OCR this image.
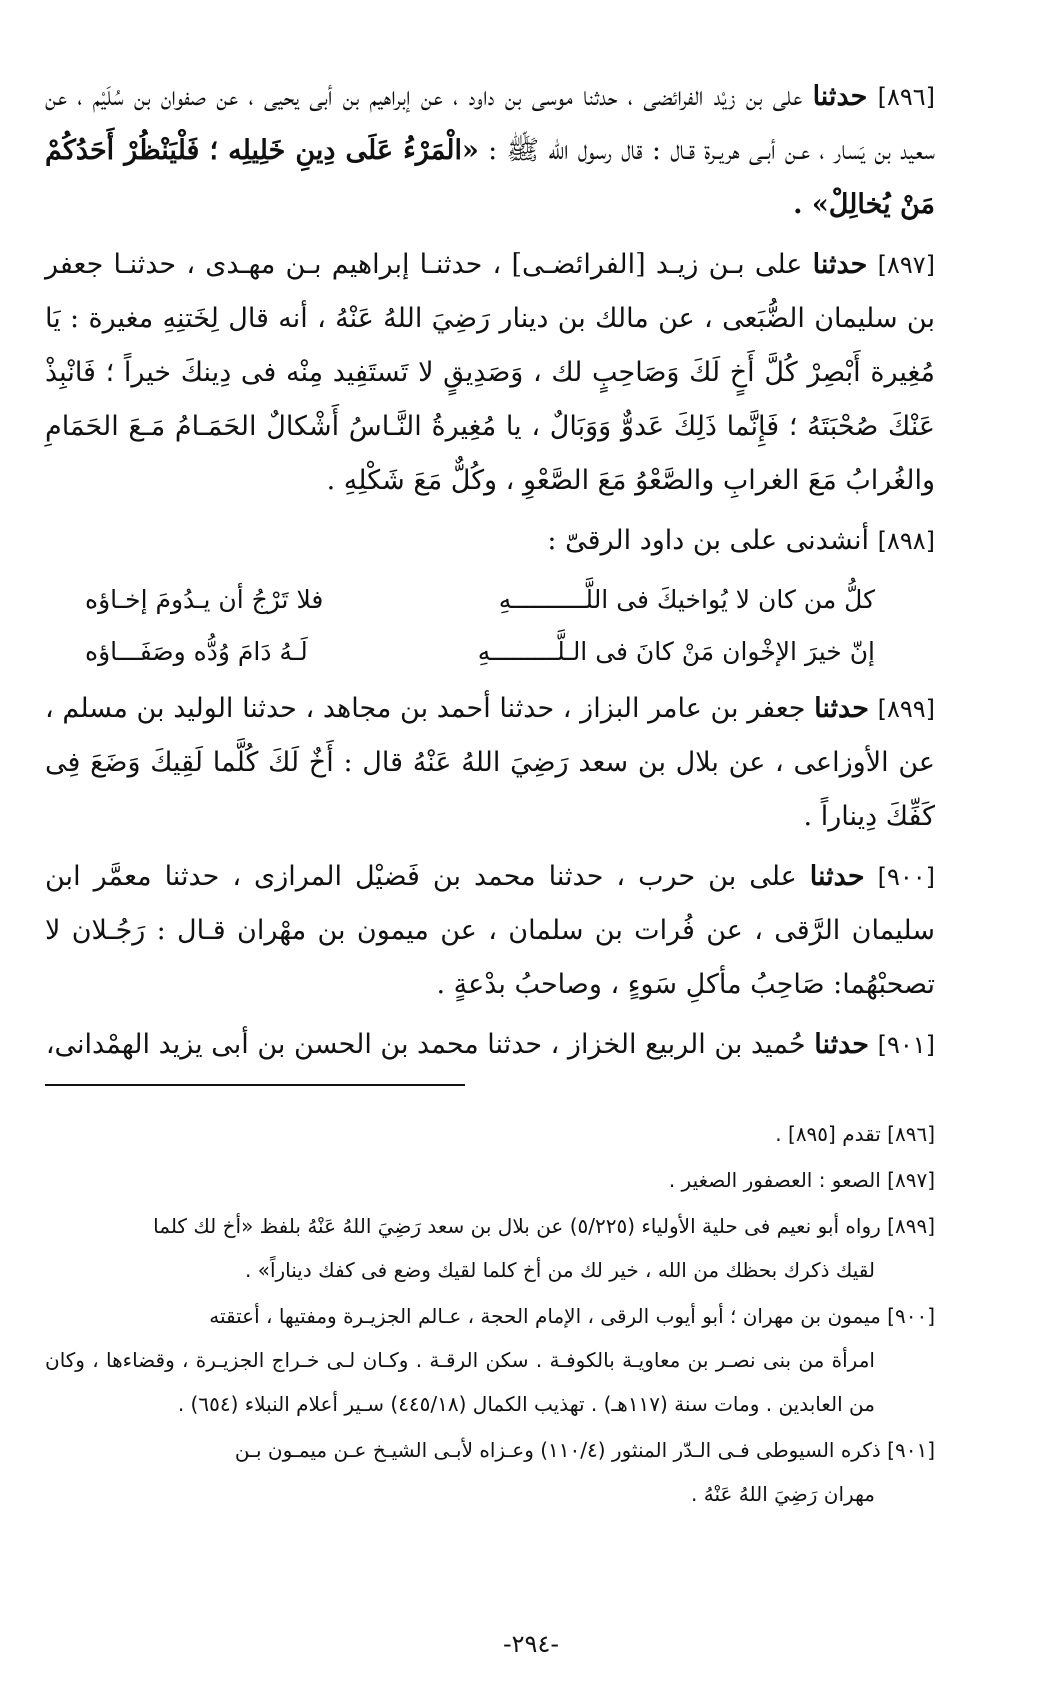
[٨٩٦] حدثنا على بن زيْد الفرائضى ، حدثنا موسى بن داود ، عن إبراهيم بن أبى يحيى ، عن صفوان بن سُلَيْم ، عن سعيد بن يَسار ، عـن أبـى هريـرة قـال : قال رسول الله ﷺ : «الْمَرْءُ عَلَى دِينِ خَلِيلِه ؛ فَلْيَنْظُرْ أَحَدُكُمْ مَنْ يُخالِلْ» .

[٨٩٧] حدثنا على بـن زيـد [الفرائضـى] ، حدثنـا إبراهيم بـن مهـدى ، حدثنـا جعفر بن سليمان الضُّبَعى ، عن مالك بن دينار رَضِيَ اللهُ عَنْهُ ، أنه قال لِخَتنِهِ مغيرة : يَا مُغِيرة أَبْصِرْ كُلَّ أَخٍ لَكَ وَصَاحِبٍ لك ، وَصَدِيقٍ لا تَستَفِيد مِنْه فى دِينكَ خيراً ؛ فَانْبِذْ عَنْكَ صُحْبَتَهُ ؛ فَإِنَّما ذَلِكَ عَدوٌّ وَوَبَالٌ ، يا مُغِيرةُ النَّـاسُ أَشْكالٌ الحَمَـامُ مَـعَ الحَمَامِ والغُرابُ مَعَ الغرابِ والصَّعْوُ مَعَ الصَّعْوِ ، وكُلٌّ مَعَ شَكْلِهِ .

[٨٩٨] أنشدنى على بن داود الرقىّ :

كلُّ من كان لا يُواخيكَ فى اللَّــــــــــهِ
فلا تَرْجُ أن يـدُومَ إخـاؤه
إنّ خيرَ الإخْوان مَنْ كانَ فى الـلَّـــــــــهِ
لَـهُ دَامَ وُدُّه وصَفَـــاؤه

[٨٩٩] حدثنا جعفر بن عامر البزاز ، حدثنا أحمد بن مجاهد ، حدثنا الوليد بن مسلم ، عن الأوزاعى ، عن بلال بن سعد رَضِيَ اللهُ عَنْهُ قال : أَخٌ لَكَ كُلَّما لَقِيكَ وَضَعَ فِى كَفِّكَ دِيناراً .

[٩٠٠] حدثنا على بن حرب ، حدثنا محمد بن فَضيْل المرازى ، حدثنا معمَّر ابن سليمان الرَّقى ، عن فُرات بن سلمان ، عن ميمون بن مهْران قـال : رَجُـلان لا تصحبْهُما: صَاحِبُ مأكلِ سَوءٍ ، وصاحبُ بدْعةٍ .

[٩٠١] حدثنا حُميد بن الربيع الخزاز ، حدثنا محمد بن الحسن بن أبى يزيد الهمْدانى،

[٨٩٦] تقدم [٨٩٥] .
[٨٩٧] الصعو : العصفور الصغير .
[٨٩٩] رواه أبو نعيم فى حلية الأولياء (٥/٢٢٥) عن بلال بن سعد رَضِيَ اللهُ عَنْهُ بلفظ «أخ لك كلما
لقيك ذكرك بحظك من الله ، خير لك من أخ كلما لقيك وضع فى كفك ديناراً» .
[٩٠٠] ميمون بن مهران ؛ أبو أيوب الرقى ، الإمام الحجة ، عـالم الجزيـرة ومفتيها ، أعتقته
امرأة من بنى نصـر بن معاويـة بالكوفـة . سكن الرقـة . وكـان لـى خـراج الجزيـرة ، وقضاءها ، وكان من العابدين . ومات سنة (١١٧هـ) . تهذيب الكمال (٤٤٥/١٨) سـير أعلام النبلاء (٦٥٤) .
[٩٠١] ذكره السيوطى فـى الـدّر المنثور (١١٠/٤) وعـزاه لأبـى الشيـخ عـن ميمـون بـن
مهران رَضِيَ اللهُ عَنْهُ .
-٢٩٤-
